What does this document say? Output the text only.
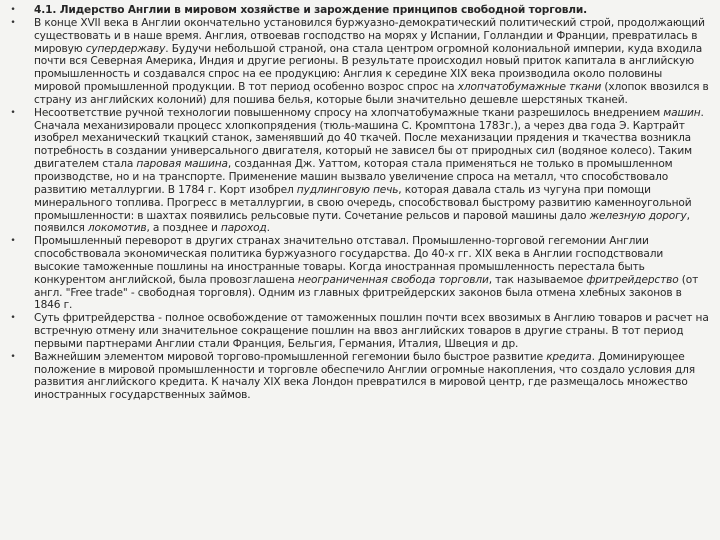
• 4.1. Лидерство Англии в мировом хозяйстве и зарождение принципов свободной торговли.
• В конце XVII века в Англии окончательно установился буржуазно-демократический политический строй, продолжающий существовать и в наше время. Англия, отвоевав господство на морях у Испании, Голландии и Франции, превратилась в мировую супердержаву. Будучи небольшой страной, она стала центром огромной колониальной империи, куда входила почти вся Северная Америка, Индия и другие регионы. В результате происходил новый приток капитала в английскую промышленность и создавался спрос на ее продукцию: Англия к середине XIX века производила около половины мировой промышленной продукции. В тот период особенно возрос спрос на хлопчатобумажные ткани (хлопок ввозился в страну из английских колоний) для пошива белья, которые были значительно дешевле шерстяных тканей.
• Несоответствие ручной технологии повышенному спросу на хлопчатобумажные ткани разрешилось внедрением машин. Сначала механизировали процесс хлопкопрядения (тюль-машина С. Кромптона 1783г.), а через два года Э. Картрайт изобрел механический ткацкий станок, заменявший до 40 ткачей. После механизации прядения и ткачества возникла потребность в создании универсального двигателя, который не зависел бы от природных сил (водяное колесо). Таким двигателем стала паровая машина, созданная Дж. Уаттом, которая стала применяться не только в промышленном производстве, но и на транспорте. Применение машин вызвало увеличение спроса на металл, что способствовало развитию металлургии. В 1784 г. Корт изобрел пудлинговую печь, которая давала сталь из чугуна при помощи минерального топлива. Прогресс в металлургии, в свою очередь, способствовал быстрому развитию каменноугольной промышленности: в шахтах появились рельсовые пути. Сочетание рельсов и паровой машины дало железную дорогу, появился локомотив, а позднее и пароход.
• Промышленный переворот в других странах значительно отставал. Промышленно-торговой гегемонии Англии способствовала экономическая политика буржуазного государства. До 40-х гг. XIX века в Англии господствовали высокие таможенные пошлины на иностранные товары. Когда иностранная промышленность перестала быть конкурентом английской, была провозглашена неограниченная свобода торговли, так называемое фритрейдерство (от англ. "Free trade" - свободная торговля). Одним из главных фритрейдерских законов была отмена хлебных законов в 1846 г.
• Суть фритрейдерства - полное освобождение от таможенных пошлин почти всех ввозимых в Англию товаров и расчет на встречную отмену или значительное сокращение пошлин на ввоз английских товаров в другие страны. В тот период первыми партнерами Англии стали Франция, Бельгия, Германия, Италия, Швеция и др.
• Важнейшим элементом мировой торгово-промышленной гегемонии было быстрое развитие кредита. Доминирующее положение в мировой промышленности и торговле обеспечило Англии огромные накопления, что создало условия для развития английского кредита. К началу XIX века Лондон превратился в мировой центр, где размещалось множество иностранных государственных займов.
